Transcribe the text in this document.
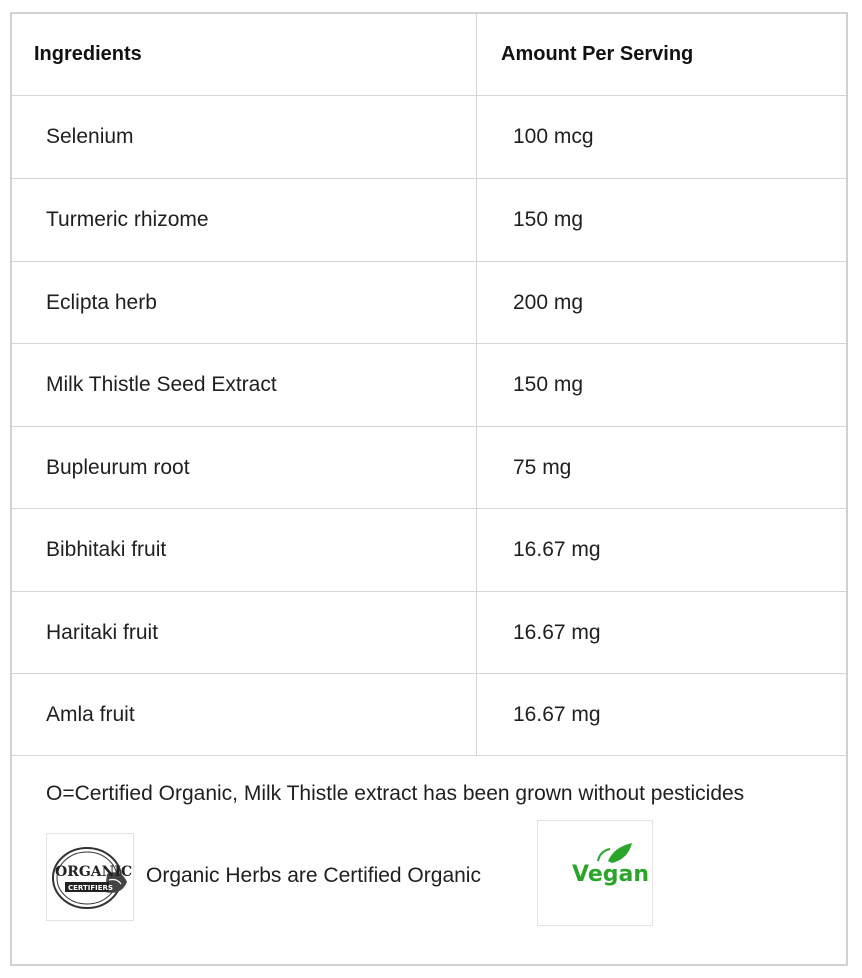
Ingredients	Amount Per Serving
Selenium	100 mcg
Turmeric rhizome	150 mg
Eclipta herb	200 mg
Milk Thistle Seed Extract	150 mg
Bupleurum root	75 mg
Bibhitaki fruit	16.67 mg
Haritaki fruit	16.67 mg
Amla fruit	16.67 mg
O=Certified Organic, Milk Thistle extract has been grown without pesticides
ORGANIC
CERTIFIERS
Organic Herbs are Certified Organic	Vegan
